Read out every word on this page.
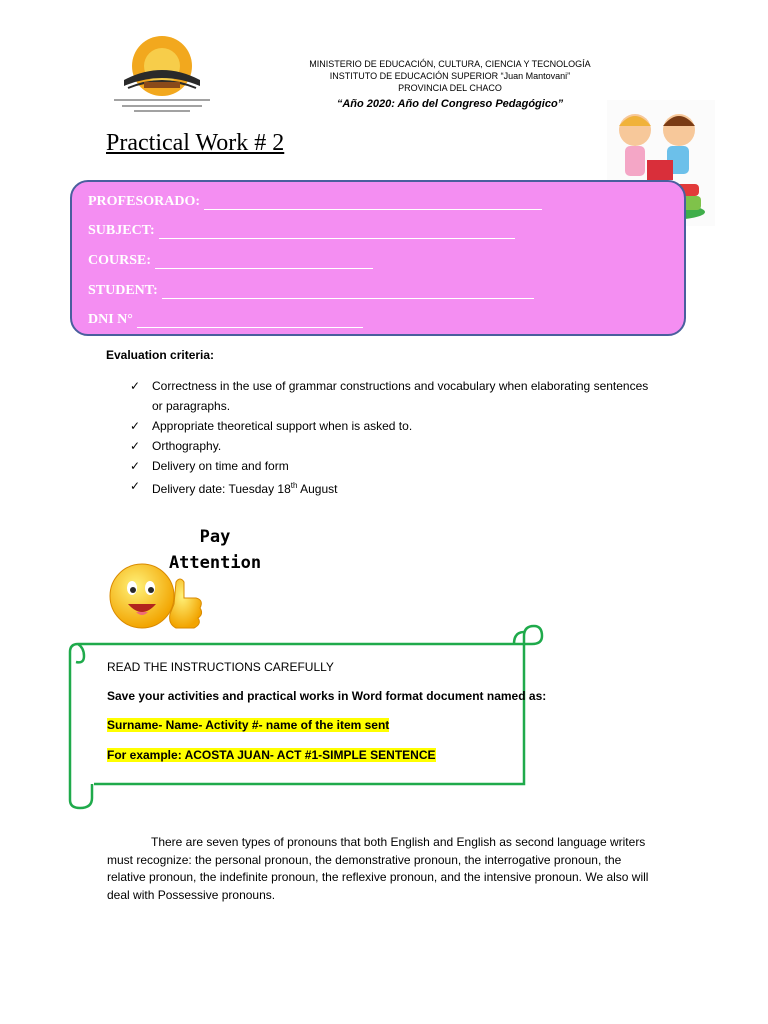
MINISTERIO DE EDUCACIÓN, CULTURA, CIENCIA Y TECNOLOGÍA
INSTITUTO DE EDUCACIÓN SUPERIOR “Juan Mantovani”
PROVINCIA DEL CHACO
“Año 2020: Año del Congreso Pedagógico”
Practical Work # 2
PROFESORADO:
SUBJECT:
COURSE:
STUDENT:
DNI N°
Evaluation criteria:
✓ Correctness in the use of grammar constructions and vocabulary when elaborating sentences or paragraphs.
✓ Appropriate theoretical support when is asked to.
✓ Orthography.
✓ Delivery on time and form
✓ Delivery date: Tuesday 18th August
Pay
Attention

READ THE INSTRUCTIONS CAREFULLY

Save your activities and practical works in Word format document named as:

Surname- Name- Activity #- name of the item sent

For example: ACOSTA JUAN- ACT #1-SIMPLE SENTENCE

There are seven types of pronouns that both English and English as second language writers must recognize: the personal pronoun, the demonstrative pronoun, the interrogative pronoun, the relative pronoun, the indefinite pronoun, the reflexive pronoun, and the intensive pronoun. We also will deal with Possessive pronouns.
